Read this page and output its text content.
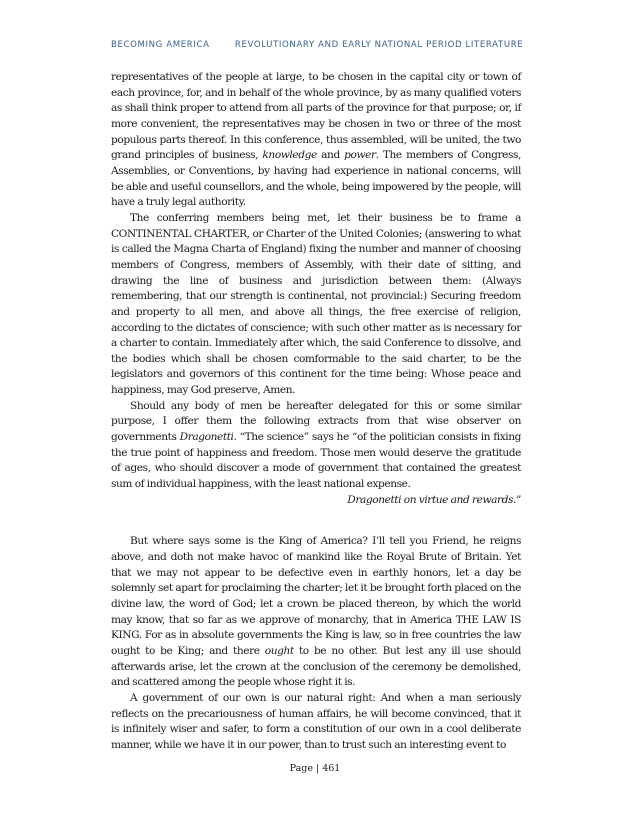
BECOMING AMERICA	REVOLUTIONARY AND EARLY NATIONAL PERIOD LITERATURE

representatives of the people at large, to be chosen in the capital city or town of each province, for, and in behalf of the whole province, by as many qualified voters as shall think proper to attend from all parts of the province for that purpose; or, if more convenient, the representatives may be chosen in two or three of the most populous parts thereof. In this conference, thus assembled, will be united, the two grand principles of business, knowledge and power. The members of Congress, Assemblies, or Conventions, by having had experience in national concerns, will be able and useful counsellors, and the whole, being impowered by the people, will have a truly legal authority.

The conferring members being met, let their business be to frame a CONTINENTAL CHARTER, or Charter of the United Colonies; (answering to what is called the Magna Charta of England) fixing the number and manner of choosing members of Congress, members of Assembly, with their date of sitting, and drawing the line of business and jurisdiction between them: (Always remembering, that our strength is continental, not provincial:) Securing freedom and property to all men, and above all things, the free exercise of religion, according to the dictates of conscience; with such other matter as is necessary for a charter to contain. Immediately after which, the said Conference to dissolve, and the bodies which shall be chosen comformable to the said charter, to be the legislators and governors of this continent for the time being: Whose peace and happiness, may God preserve, Amen.

Should any body of men be hereafter delegated for this or some similar purpose, I offer them the following extracts from that wise observer on governments Dragonetti. “The science” says he “of the politician consists in fixing the true point of happiness and freedom. Those men would deserve the gratitude of ages, who should discover a mode of government that contained the greatest sum of individual happiness, with the least national expense.

Dragonetti on virtue and rewards.”

But where says some is the King of America? I’ll tell you Friend, he reigns above, and doth not make havoc of mankind like the Royal Brute of Britain. Yet that we may not appear to be defective even in earthly honors, let a day be solemnly set apart for proclaiming the charter; let it be brought forth placed on the divine law, the word of God; let a crown be placed thereon, by which the world may know, that so far as we approve of monarchy, that in America THE LAW IS KING. For as in absolute governments the King is law, so in free countries the law ought to be King; and there ought to be no other. But lest any ill use should afterwards arise, let the crown at the conclusion of the ceremony be demolished, and scattered among the people whose right it is.

A government of our own is our natural right: And when a man seriously reflects on the precariousness of human affairs, he will become convinced, that it is infinitely wiser and safer, to form a constitution of our own in a cool deliberate manner, while we have it in our power, than to trust such an interesting event to

Page | 461
